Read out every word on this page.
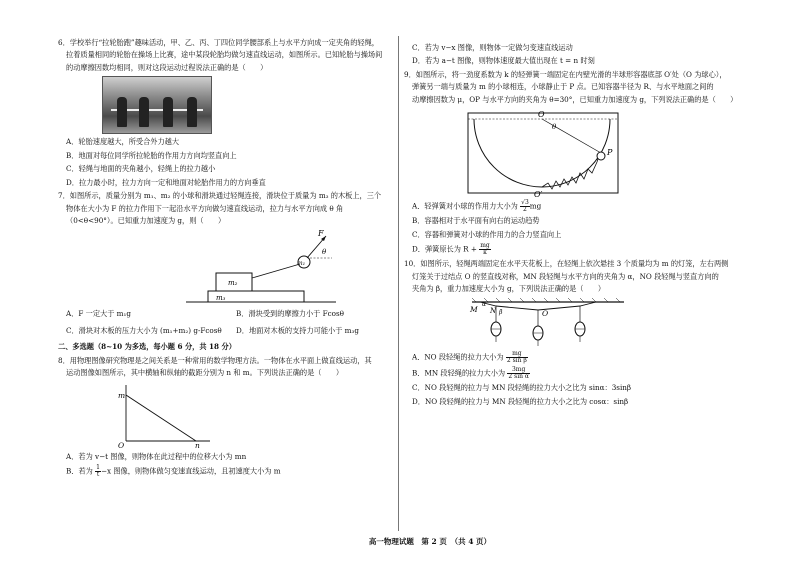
6．学校举行“拉轮胎跑”趣味活动，甲、乙、丙、丁四位同学腰部系上与水平方向成一定夹角的轻绳，

拉着质量相同的轮胎在操场上比赛，途中某段轮胎均做匀速直线运动，如图所示。已知轮胎与操场间

的动摩擦因数均相同，则对这段运动过程说法正确的是（　　）

A．轮胎速度越大，所受合外力越大

B．地面对每位同学所拉轮胎的作用力方向均竖直向上

C．轻绳与地面的夹角越小，轻绳上的拉力越小

D．拉力最小时，拉力方向一定和地面对轮胎作用力的方向垂直

7．如图所示，质量分别为 m₁、m₂ 的小球和滑块通过轻绳连接，滑块位于质量为 m₃ 的木板上，三个

物体在大小为 F 的拉力作用下一起沿水平方向做匀速直线运动，拉力与水平方向成 θ 角

（0<θ<90°）。已知重力加速度为 g，则（　　）

F
θ
m₁
m₂
m₃

A．F 一定大于 m₁g	B．滑块受到的摩擦力小于 Fcosθ

C．滑块对木板的压力大小为 (m₁+m₂) g-Fcosθ	D．地面对木板的支持力可能小于 m₃g

二、多选题（8~10 为多选，每小题 6 分，共 18 分）

8．用物理图像研究物理是之间关系是一种常用的数学物理方法。一物体在水平面上做直线运动，其

运动图像如图所示，其中横轴和纵轴的截距分别为 n 和 m。下列说法正确的是（　　）

m
n
O

A．若为 v−t 图像，则物体在此过程中的位移大小为 mn

B．若为 $\frac{1}{t} -x$ 图像，则物体做匀变速直线运动，且初速度大小为 m

C．若为 v−x 图像，则物体一定做匀变速直线运动

D．若为 a−t 图像，则物体速度最大值出现在 t = n 时刻

9．如图所示，将一劲度系数为 k 的轻弹簧一端固定在内壁光滑的半球形容器底部 O′处（O 为球心），

弹簧另一端与质量为 m 的小球相连，小球静止于 P 点。已知容器半径为 R、与水平地面之间的

动摩擦因数为 μ，OP 与水平方向的夹角为 θ=30°，已知重力加速度为 g，下列说法正确的是（　　）

O
θ
P
O′

A．轻弹簧对小球的作用力大小为 $\frac{√3}{2}$ mg

B．容器相对于水平面有向右的运动趋势

C．容器和弹簧对小球的作用力的合力竖直向上

D．弹簧原长为 $R + \frac{mg}{k}$

10．如图所示，轻绳两端固定在水平天花板上，在轻绳上依次悬挂 3 个质量均为 m 的灯笼，左右两侧

灯笼关于过结点 O 的竖直线对称，MN 段轻绳与水平方向的夹角为 α，NO 段轻绳与竖直方向的

夹角为 β，重力加速度大小为 g，下列说法正确的是（　　）

M N	O
α
β

A．NO 段轻绳的拉力大小为 $\frac{mg}{\text{2 sin β}}$

B．MN 段轻绳的拉力大小为 $\frac{3mg}{\text{2 sin α}}$

C．NO 段轻绳的拉力与 MN 段轻绳的拉力大小之比为 sinα：3sinβ

D．NO 段轻绳的拉力与 MN 段轻绳的拉力大小之比为 cosα：sinβ

高一物理试题　第 2 页　（共 4 页）
